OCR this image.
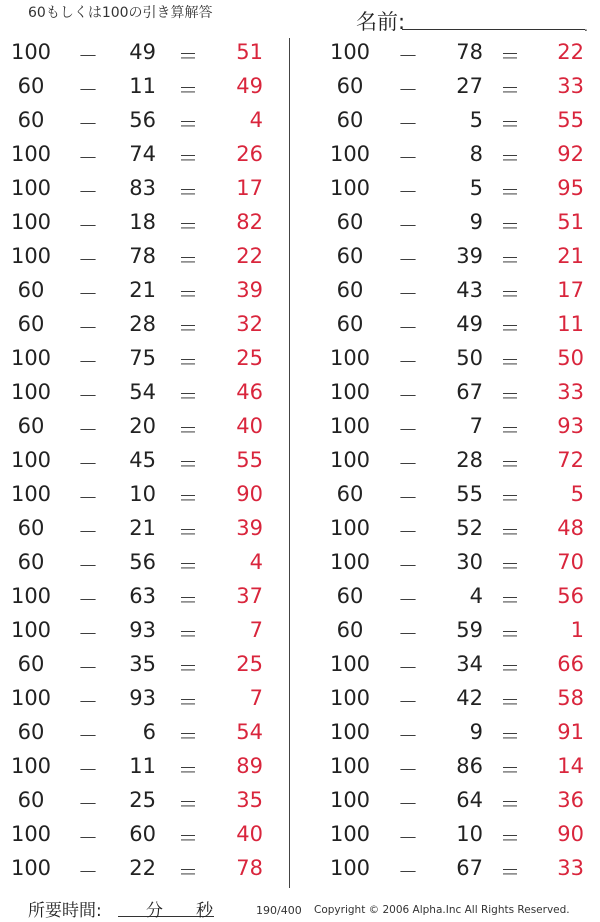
60もしくは100の引き算解答	名前:	.
100	－	49 ＝	51
60	－	11 ＝	49
60	－	56 ＝	4
100	－	74 ＝	26
100	－	83 ＝	17
100	－	18 ＝	82
100	－	78 ＝	22
60	－	21 ＝	39
60	－	28 ＝	32
100	－	75 ＝	25
100	－	54 ＝	46
60	－	20 ＝	40
100	－	45 ＝	55
100	－	10 ＝	90
60	－	21 ＝	39
60	－	56 ＝	4
100	－	63 ＝	37
100	－	93 ＝	7
60	－	35 ＝	25
100	－	93 ＝	7
60	－	6 ＝	54
100	－	11 ＝	89
60	－	25 ＝	35
100	－	60 ＝	40
100	－	22 ＝	78
100	－	78 ＝	22
60	－	27 ＝	33
60	－	5 ＝	55
100	－	8 ＝	92
100	－	5 ＝	95
60	－	9 ＝	51
60	－	39 ＝	21
60	－	43 ＝	17
60	－	49 ＝	11
100	－	50 ＝	50
100	－	67 ＝	33
100	－	7 ＝	93
100	－	28 ＝	72
60	－	55 ＝	5
100	－	52 ＝	48
100	－	30 ＝	70
60	－	4 ＝	56
60	－	59 ＝	1
100	－	34 ＝	66
100	－	42 ＝	58
100	－	9 ＝	91
100	－	86 ＝	14
100	－	64 ＝	36
100	－	10 ＝	90
100	－	67 ＝	33
所要時間:	分 秒	190/400 Copyright © 2006 Alpha.Inc All Rights Reserved.
